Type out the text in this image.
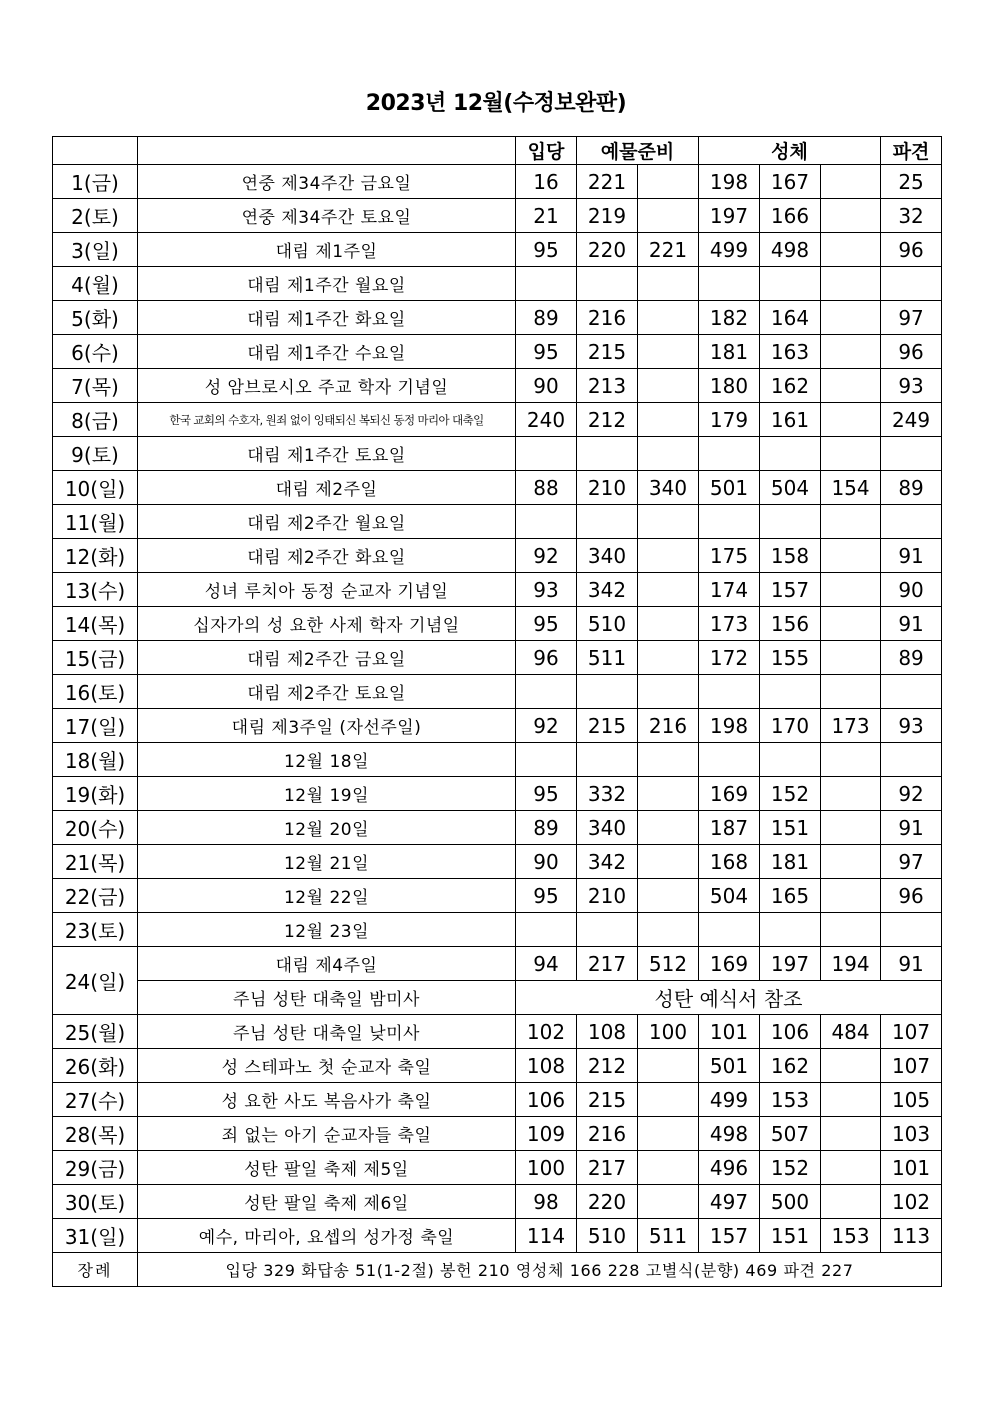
2023년 12월(수정보완판)
		입당	예물준비		성체			파견
1(금)	연중 제34주간 금요일	16	221		198	167		25
2(토)	연중 제34주간 토요일	21	219		197	166		32
3(일)	대림 제1주일	95	220	221	499	498		96
4(월)	대림 제1주간 월요일							
5(화)	대림 제1주간 화요일	89	216		182	164		97
6(수)	대림 제1주간 수요일	95	215		181	163		96
7(목)	성 암브로시오 주교 학자 기념일	90	213		180	162		93
8(금)	한국 교회의 수호자, 원죄 없이 잉태되신 복되신 동정 마리아 대축일	240	212		179	161		249
9(토)	대림 제1주간 토요일							
10(일)	대림 제2주일	88	210	340	501	504	154	89
11(월)	대림 제2주간 월요일							
12(화)	대림 제2주간 화요일	92	340		175	158		91
13(수)	성녀 루치아 동정 순교자 기념일	93	342		174	157		90
14(목)	십자가의 성 요한 사제 학자 기념일	95	510		173	156		91
15(금)	대림 제2주간 금요일	96	511		172	155		89
16(토)	대림 제2주간 토요일							
17(일)	대림 제3주일 (자선주일)	92	215	216	198	170	173	93
18(월)	12월 18일							
19(화)	12월 19일	95	332		169	152		92
20(수)	12월 20일	89	340		187	151		91
21(목)	12월 21일	90	342		168	181		97
22(금)	12월 22일	95	210		504	165		96
23(토)	12월 23일							
24(일)	대림 제4주일	94	217	512	169	197	194	91
	주님 성탄 대축일 밤미사	성탄 예식서 참조						
25(월)	주님 성탄 대축일 낮미사	102	108	100	101	106	484	107
26(화)	성 스테파노 첫 순교자 축일	108	212		501	162		107
27(수)	성 요한 사도 복음사가 축일	106	215		499	153		105
28(목)	죄 없는 아기 순교자들 축일	109	216		498	507		103
29(금)	성탄 팔일 축제 제5일	100	217		496	152		101
30(토)	성탄 팔일 축제 제6일	98	220		497	500		102
31(일)	예수, 마리아, 요셉의 성가정 축일	114	510	511	157	151	153	113
장례	입당 329 화답송 51(1-2절) 봉헌 210 영성체 166 228 고별식(분향) 469 파견 227							
